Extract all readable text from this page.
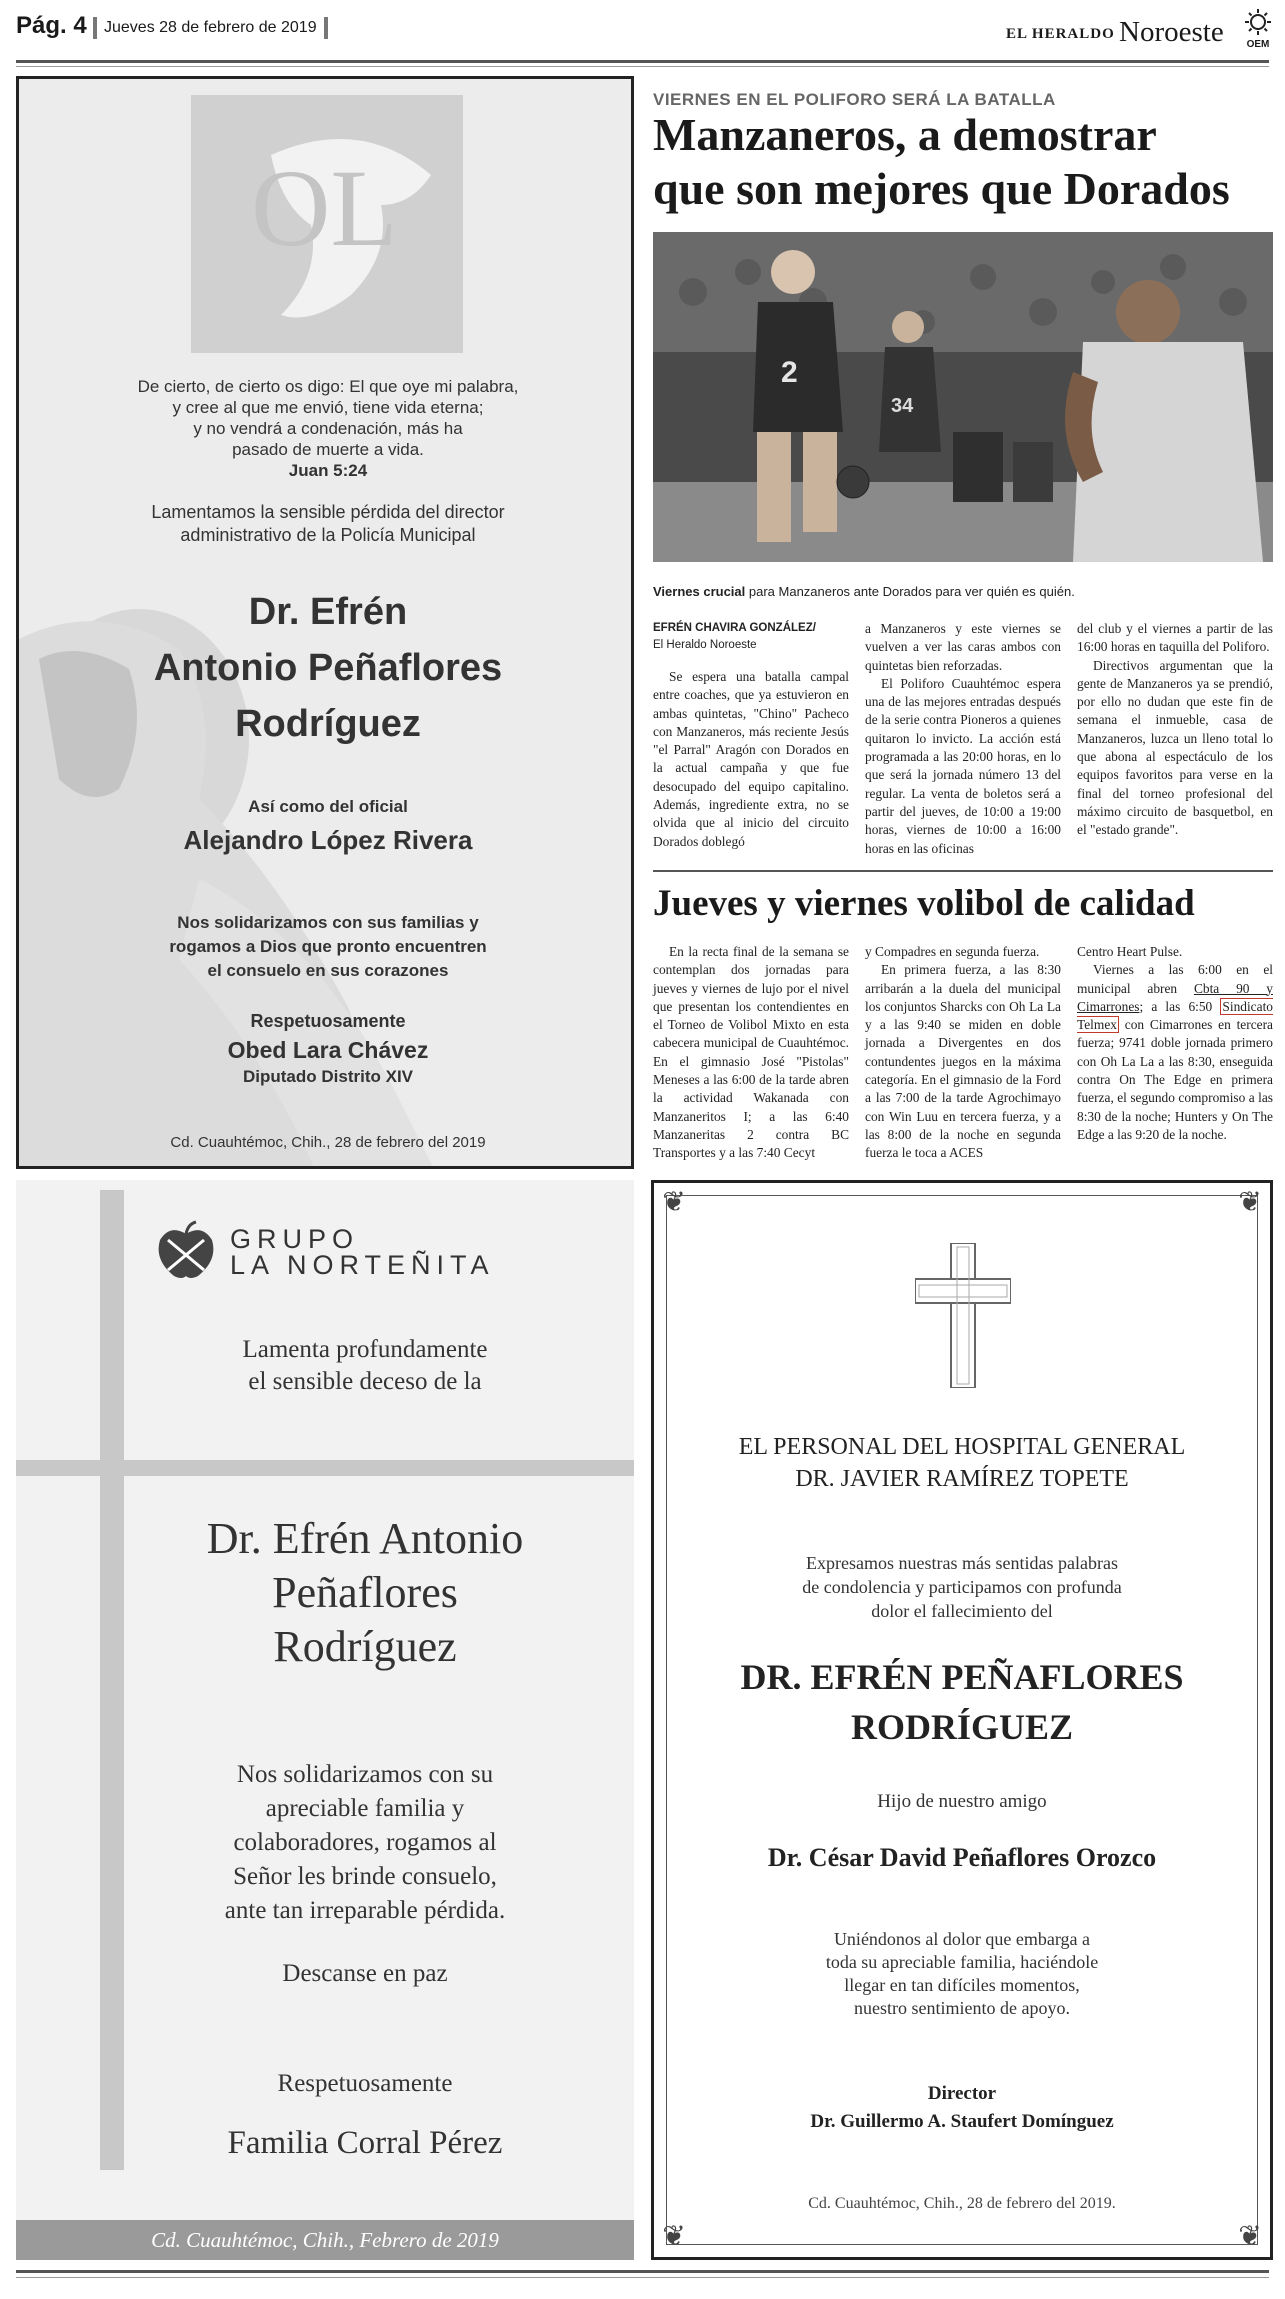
Pág. 4 Jueves 28 de febrero de 2019	EL HERALDO Noroeste	OEM
OL
De cierto, de cierto os digo: El que oye mi palabra,
y cree al que me envió, tiene vida eterna;
y no vendrá a condenación, más ha
pasado de muerte a vida.
Juan 5:24
Lamentamos la sensible pérdida del director
administrativo de la Policía Municipal
Dr. Efrén
Antonio Peñaflores
Rodríguez
Así como del oficial
Alejandro López Rivera
Nos solidarizamos con sus familias y
rogamos a Dios que pronto encuentren
el consuelo en sus corazones
Respetuosamente
Obed Lara Chávez
Diputado Distrito XIV
Cd. Cuauhtémoc, Chih., 28 de febrero del 2019
VIERNES EN EL POLIFORO SERÁ LA BATALLA
Manzaneros, a demostrar
que son mejores que Dorados
2
34
Viernes crucial para Manzaneros ante Dorados para ver quién es quién.
EFRÉN CHAVIRA GONZÁLEZ/
El Heraldo Noroeste

Se espera una batalla campal entre coaches, que ya estuvieron en ambas quintetas, "Chino" Pacheco con Manzaneros, más reciente Jesús "el Parral" Aragón con Dorados en la actual campaña y que fue desocupado del equipo capitalino. Además, ingrediente extra, no se olvida que al inicio del circuito Dorados doblegó

a Manzaneros y este viernes se vuelven a ver las caras ambos con quintetas bien reforzadas.

El Poliforo Cuauhtémoc espera una de las mejores entradas después de la serie contra Pioneros a quienes quitaron lo invicto. La acción está programada a las 20:00 horas, en lo que será la jornada número 13 del regular. La venta de boletos será a partir del jueves, de 10:00 a 19:00 horas, viernes de 10:00 a 16:00 horas en las oficinas

del club y el viernes a partir de las 16:00 horas en taquilla del Poliforo.

Directivos argumentan que la gente de Manzaneros ya se prendió, por ello no dudan que este fin de semana el inmueble, casa de Manzaneros, luzca un lleno total lo que abona al espectáculo de los equipos favoritos para verse en la final del torneo profesional del máximo circuito de basquetbol, en el "estado grande".

Jueves y viernes volibol de calidad

En la recta final de la semana se contemplan dos jornadas para jueves y viernes de lujo por el nivel que presentan los contendientes en el Torneo de Volibol Mixto en esta cabecera municipal de Cuauhtémoc. En el gimnasio José "Pistolas" Meneses a las 6:00 de la tarde abren la actividad Wakanada con Manzaneritos I; a las 6:40 Manzaneritas 2 contra BC Transportes y a las 7:40 Cecyt

y Compadres en segunda fuerza.

En primera fuerza, a las 8:30 arribarán a la duela del municipal los conjuntos Sharcks con Oh La La y a las 9:40 se miden en doble jornada a Divergentes en dos contundentes juegos en la máxima categoría. En el gimnasio de la Ford a las 7:00 de la tarde Agrochimayo con Win Luu en tercera fuerza, y a las 8:00 de la noche en segunda fuerza le toca a ACES

Centro Heart Pulse.

Viernes a las 6:00 en el municipal abren Cbta 90 y Cimarrones; a las 6:50 Sindicato Telmex con Cimarrones en tercera fuerza; 9741 doble jornada primero con Oh La La a las 8:30, enseguida contra On The Edge en primera fuerza, el segundo compromiso a las 8:30 de la noche; Hunters y On The Edge a las 9:20 de la noche.

GRUPO
LA NORTEÑITA
Lamenta profundamente
el sensible deceso de la
Dr. Efrén Antonio
Peñaflores
Rodríguez
Nos solidarizamos con su
apreciable familia y
colaboradores, rogamos al
Señor les brinde consuelo,
ante tan irreparable pérdida.
Descanse en paz
Respetuosamente
Familia Corral Pérez
Cd. Cuauhtémoc, Chih., Febrero de 2019
❦	❦
❦	❦
EL PERSONAL DEL HOSPITAL GENERAL
DR. JAVIER RAMÍREZ TOPETE
Expresamos nuestras más sentidas palabras
de condolencia y participamos con profunda
dolor el fallecimiento del
DR. EFRÉN PEÑAFLORES
RODRÍGUEZ
Hijo de nuestro amigo
Dr. César David Peñaflores Orozco
Uniéndonos al dolor que embarga a
toda su apreciable familia, haciéndole
llegar en tan difíciles momentos,
nuestro sentimiento de apoyo.
Director
Dr. Guillermo A. Staufert Domínguez
Cd. Cuauhtémoc, Chih., 28 de febrero del 2019.
